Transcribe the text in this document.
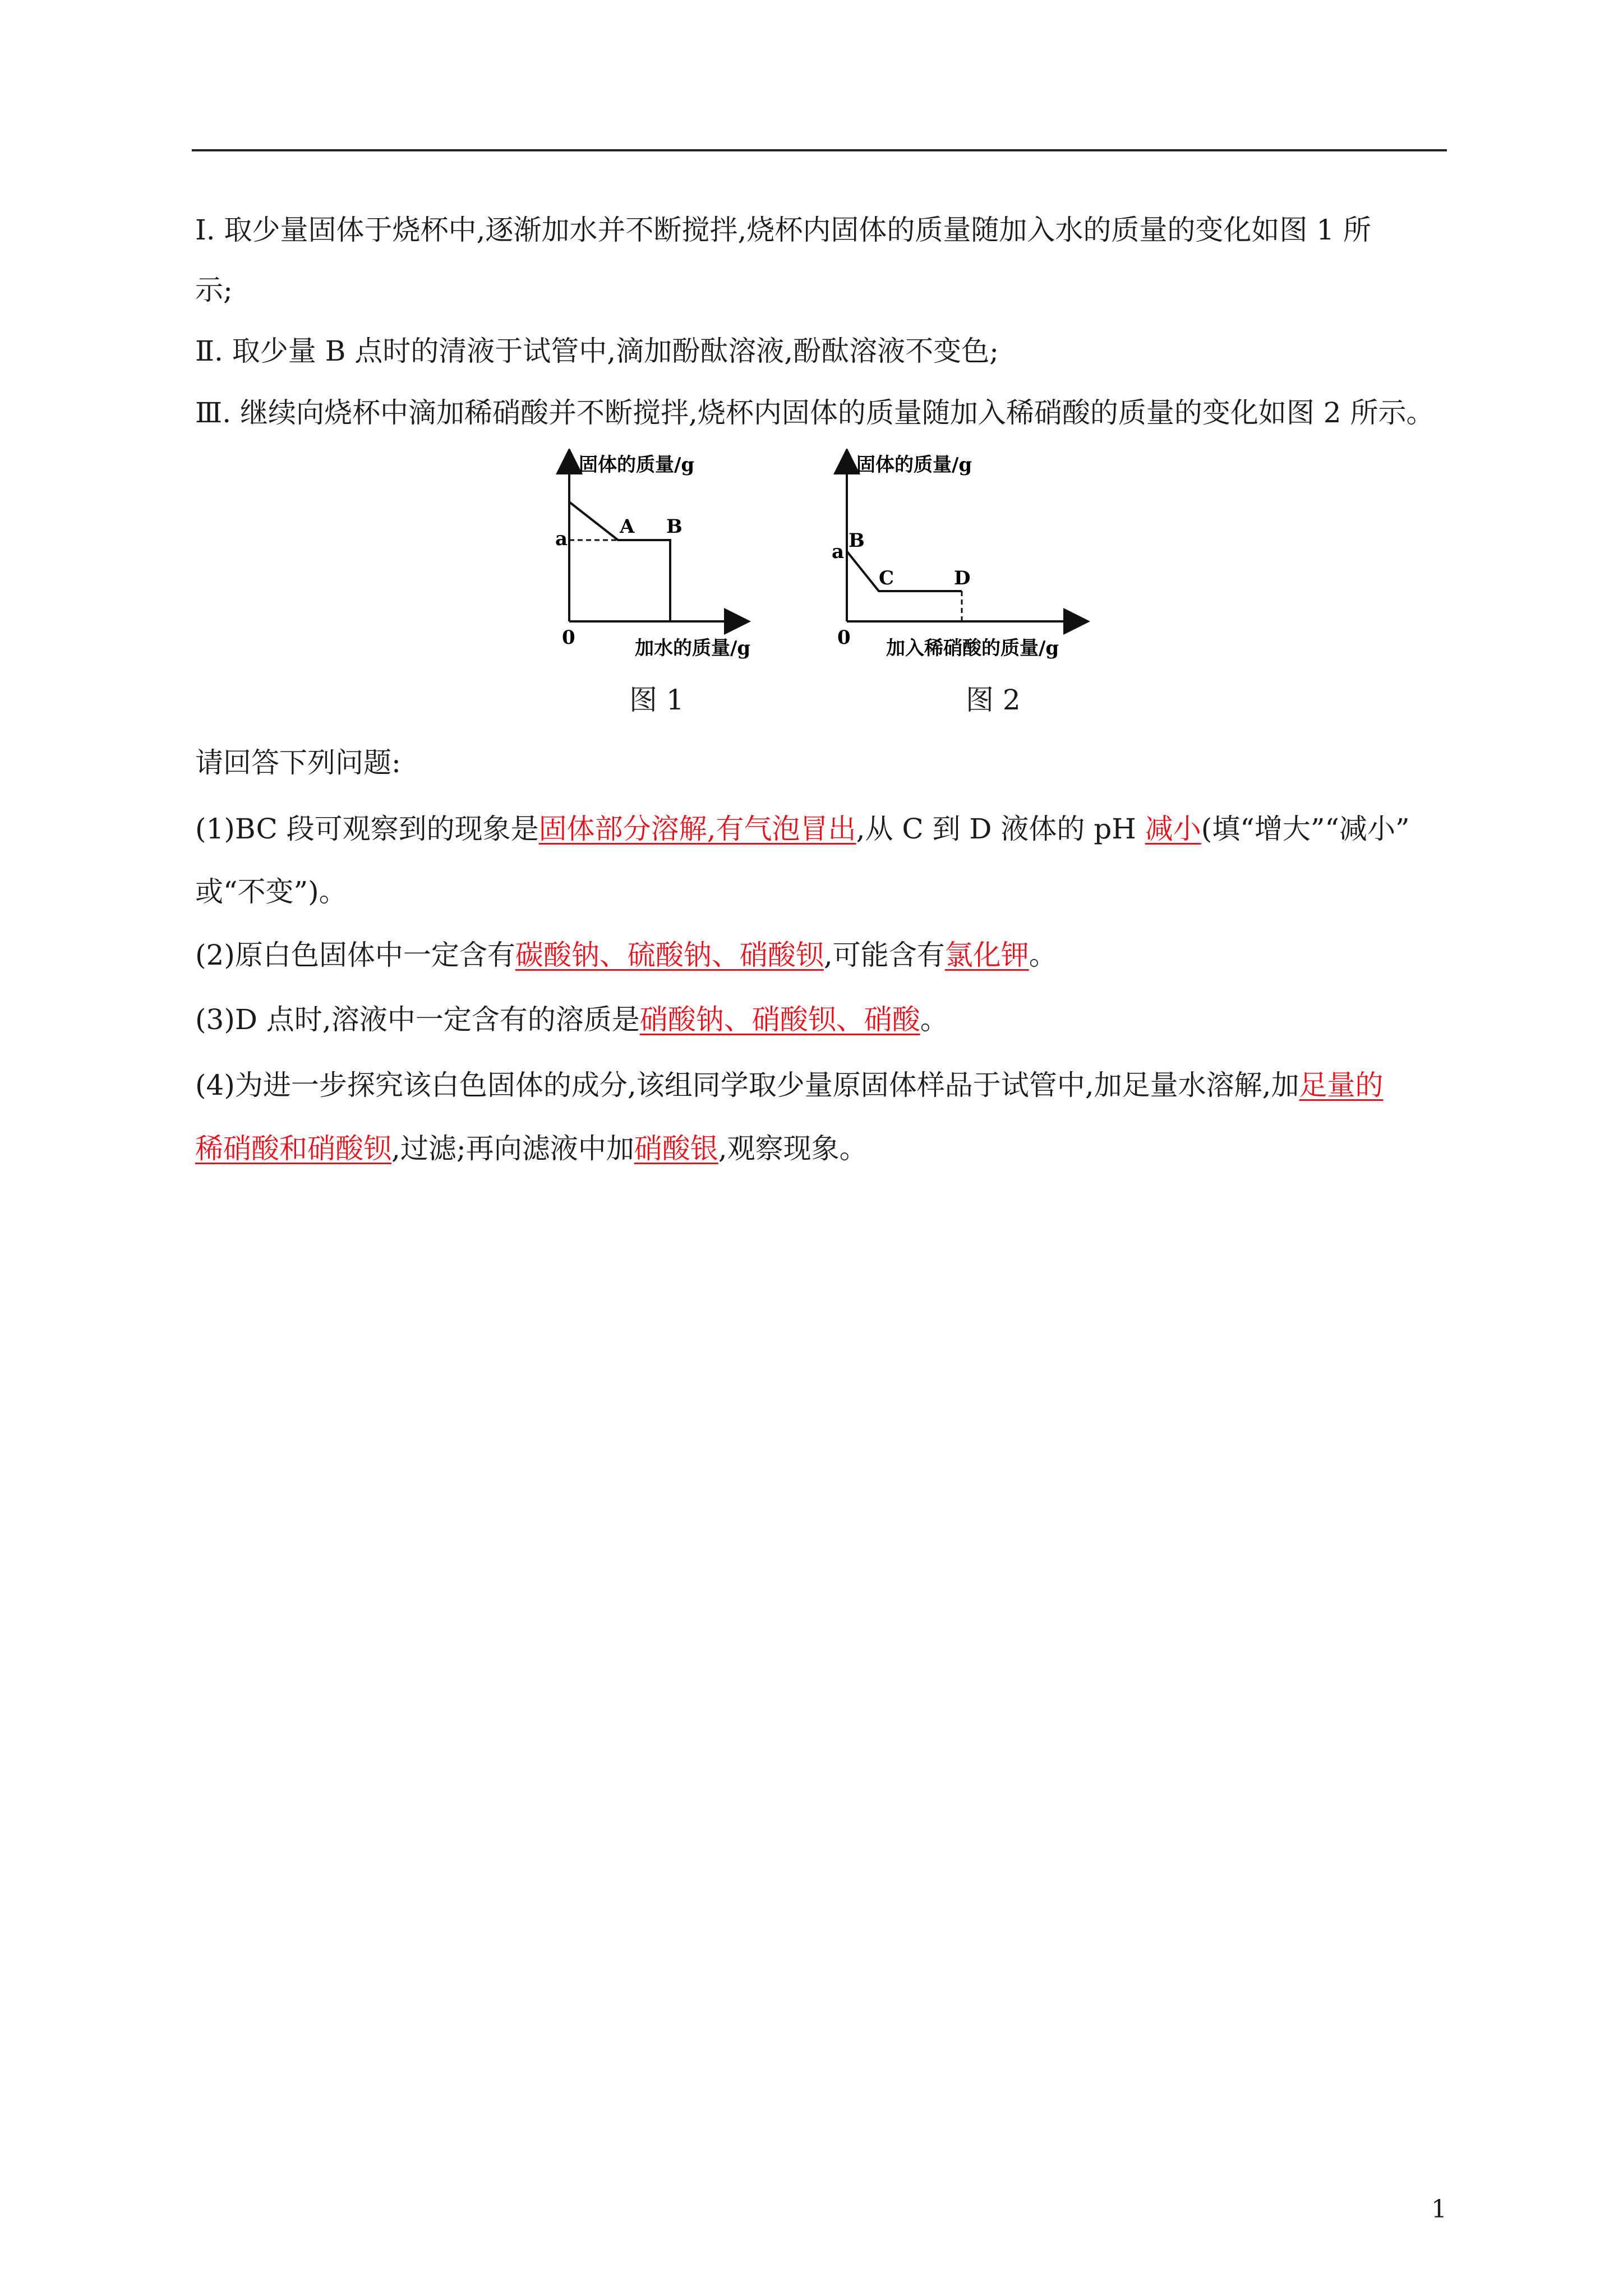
Ⅰ. 取少量固体于烧杯中,逐渐加水并不断搅拌,烧杯内固体的质量随加入水的质量的变化如图 1 所
示;
Ⅱ. 取少量 B 点时的清液于试管中,滴加酚酞溶液,酚酞溶液不变色;
Ⅲ. 继续向烧杯中滴加稀硝酸并不断搅拌,烧杯内固体的质量随加入稀硝酸的质量的变化如图 2 所示。
固体的质量/g
0	加水的质量/g
a
A B
图 1
固体的质量/g
0 加入稀硝酸的质量/g
a B
C	D
图 2
请回答下列问题:
(1)BC 段可观察到的现象是固体部分溶解,有气泡冒出,从 C 到 D 液体的 pH 减小(填“增大”“减小”
或“不变”)。
(2)原白色固体中一定含有碳酸钠、硫酸钠、硝酸钡,可能含有氯化钾。
(3)D 点时,溶液中一定含有的溶质是硝酸钠、硝酸钡、硝酸。
(4)为进一步探究该白色固体的成分,该组同学取少量原固体样品于试管中,加足量水溶解,加足量的
稀硝酸和硝酸钡,过滤;再向滤液中加硝酸银,观察现象。
1
